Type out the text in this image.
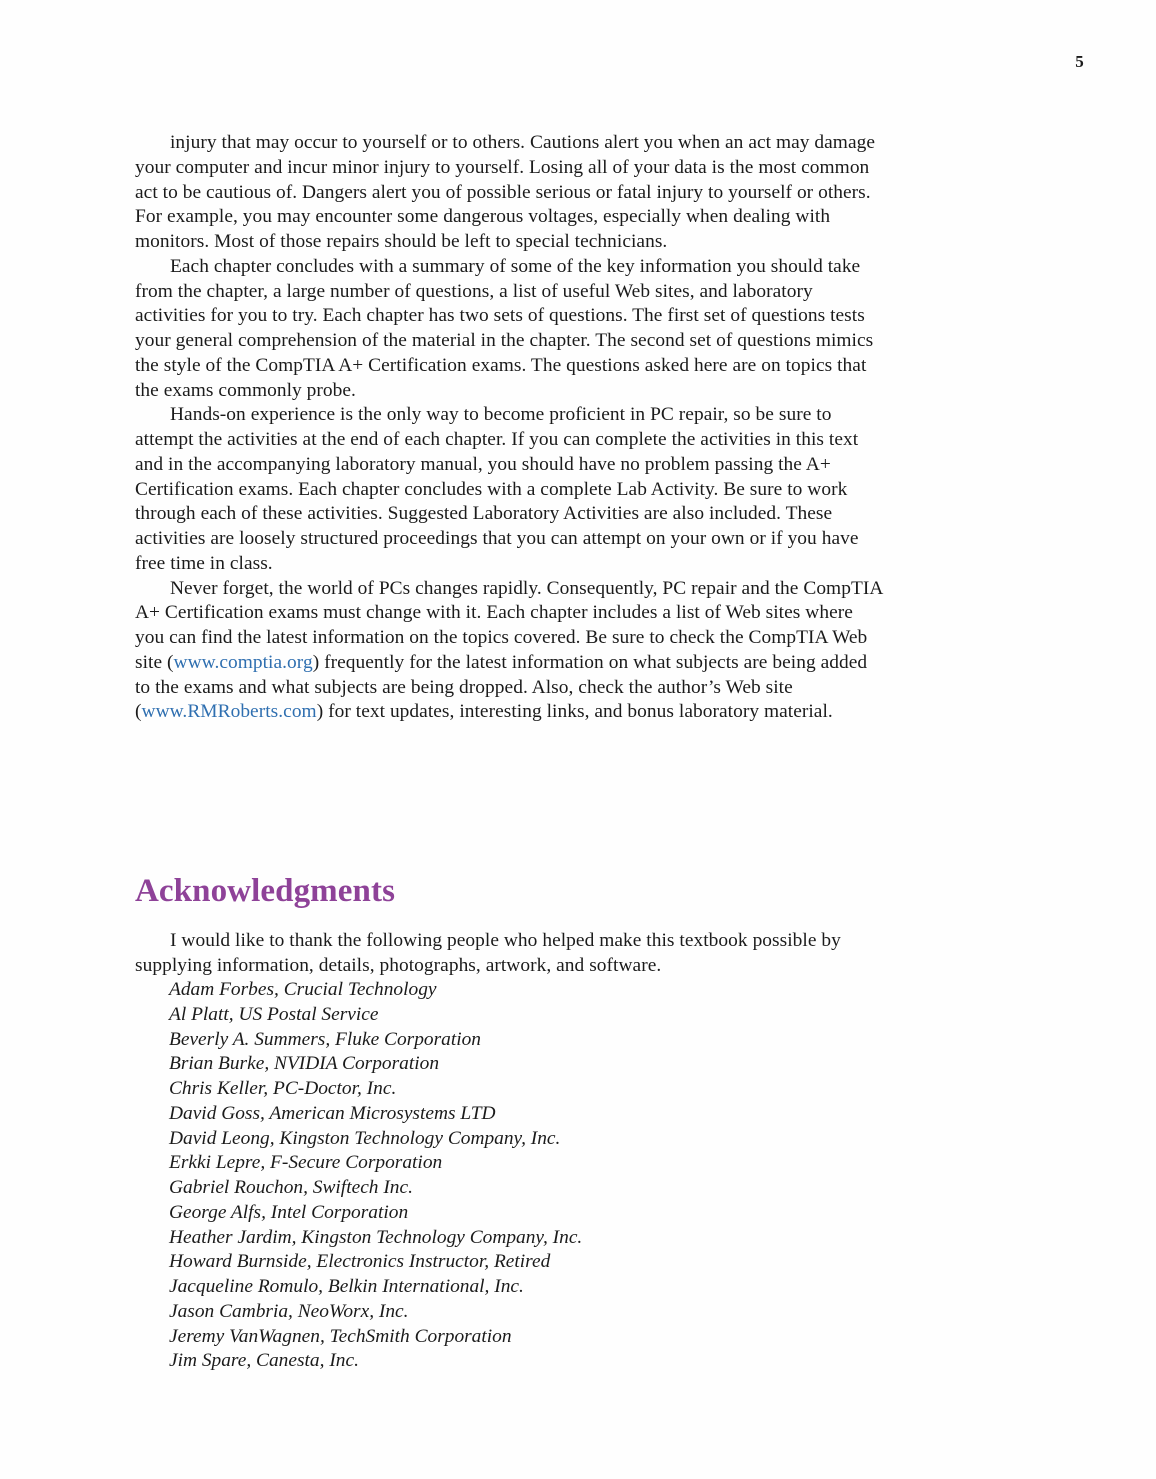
5

injury that may occur to yourself or to others. Cautions alert you when an act may damage your computer and incur minor injury to yourself. Losing all of your data is the most common act to be cautious of. Dangers alert you of possible serious or fatal injury to yourself or others. For example, you may encounter some dangerous voltages, especially when dealing with monitors. Most of those repairs should be left to special technicians.

Each chapter concludes with a summary of some of the key information you should take from the chapter, a large number of questions, a list of useful Web sites, and laboratory activities for you to try. Each chapter has two sets of questions. The first set of questions tests your general comprehension of the material in the chapter. The second set of questions mimics the style of the CompTIA A+ Certification exams. The questions asked here are on topics that the exams commonly probe.

Hands-on experience is the only way to become proficient in PC repair, so be sure to attempt the activities at the end of each chapter. If you can complete the activities in this text and in the accompanying laboratory manual, you should have no problem passing the A+ Certification exams. Each chapter concludes with a complete Lab Activity. Be sure to work through each of these activities. Suggested Laboratory Activities are also included. These activities are loosely structured proceedings that you can attempt on your own or if you have free time in class.

Never forget, the world of PCs changes rapidly. Consequently, PC repair and the CompTIA A+ Certification exams must change with it. Each chapter includes a list of Web sites where you can find the latest information on the topics covered. Be sure to check the CompTIA Web site (www.comptia.org) frequently for the latest information on what subjects are being added to the exams and what subjects are being dropped. Also, check the author’s Web site (www.RMRoberts.com) for text updates, interesting links, and bonus laboratory material.

Acknowledgments

I would like to thank the following people who helped make this textbook possible by supplying information, details, photographs, artwork, and software.

Adam Forbes, Crucial Technology
Al Platt, US Postal Service
Beverly A. Summers, Fluke Corporation
Brian Burke, NVIDIA Corporation
Chris Keller, PC-Doctor, Inc.
David Goss, American Microsystems LTD
David Leong, Kingston Technology Company, Inc.
Erkki Lepre, F-Secure Corporation
Gabriel Rouchon, Swiftech Inc.
George Alfs, Intel Corporation
Heather Jardim, Kingston Technology Company, Inc.
Howard Burnside, Electronics Instructor, Retired
Jacqueline Romulo, Belkin International, Inc.
Jason Cambria, NeoWorx, Inc.
Jeremy VanWagnen, TechSmith Corporation
Jim Spare, Canesta, Inc.
